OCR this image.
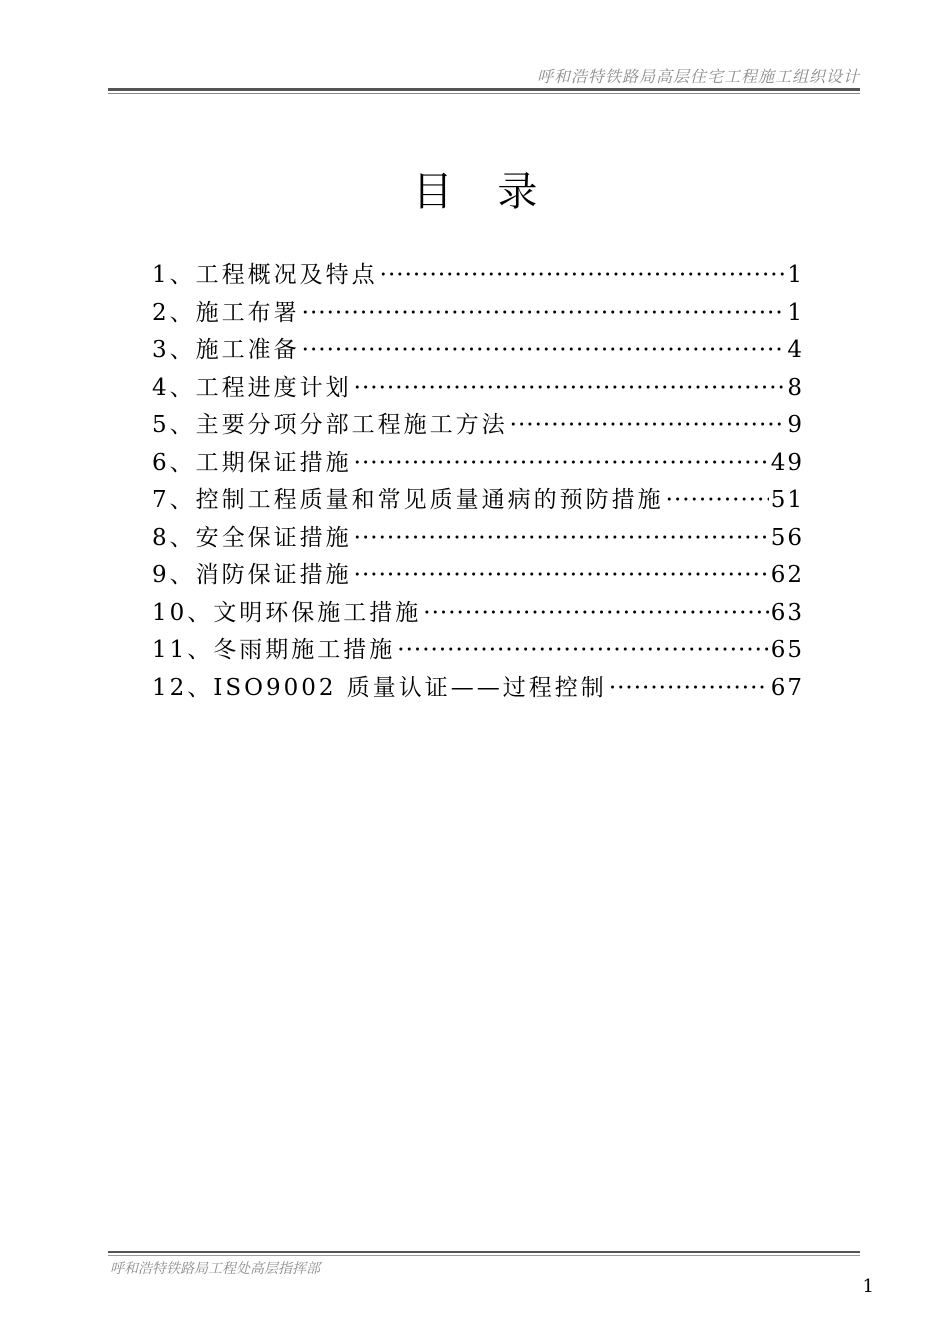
呼和浩特铁路局高层住宅工程施工组织设计
目 录
1、工程概况及特点 ·····	1
2、施工布署 ·····	1
3、施工准备 ·····	4
4、工程进度计划 ·····	8
5、主要分项分部工程施工方法 ·····	9
6、工期保证措施 ·····	49
7、控制工程质量和常见质量通病的预防措施 ·····	51
8、安全保证措施 ·····	56
9、消防保证措施 ·····	62
10、文明环保施工措施 ·····	63
11、冬雨期施工措施 ·····	65
12、ISO9002 质量认证——过程控制 ·····	67
呼和浩特铁路局工程处高层指挥部
1
